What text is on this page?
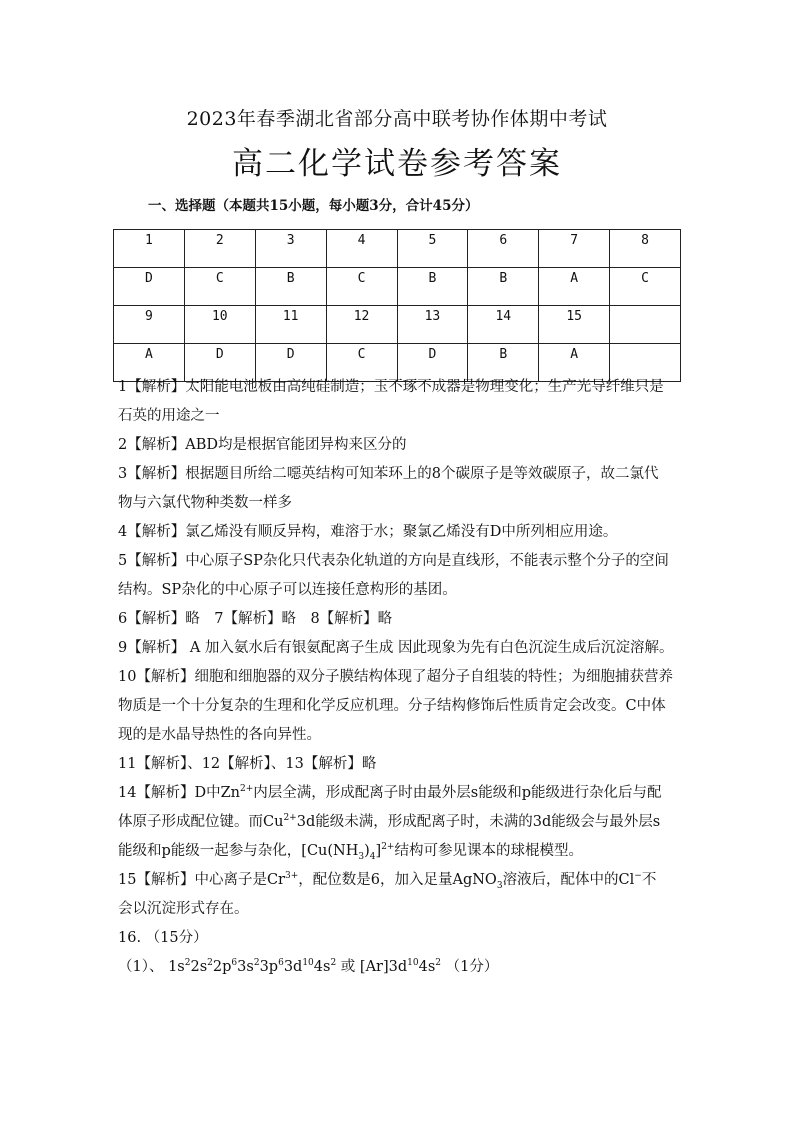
2023年春季湖北省部分高中联考协作体期中考试
高二化学试卷参考答案
一、选择题（本题共15小题，每小题3分，合计45分）
1	2	3	4	5	6	7	8
D	C	B	C	B	B	A	C
9	10	11	12	13	14	15	
A	D	D	C	D	B	A	
1【解析】太阳能电池板由高纯硅制造；玉不琢不成器是物理变化；生产光导纤维只是
石英的用途之一
2【解析】ABD均是根据官能团异构来区分的
3【解析】根据题目所给二噁英结构可知苯环上的8个碳原子是等效碳原子，故二氯代
物与六氯代物种类数一样多
4【解析】氯乙烯没有顺反异构，难溶于水；聚氯乙烯没有D中所列相应用途。
5【解析】中心原子SP杂化只代表杂化轨道的方向是直线形，不能表示整个分子的空间
结构。SP杂化的中心原子可以连接任意构形的基团。
6【解析】略　7【解析】略　8【解析】略
9【解析】 A 加入氨水后有银氨配离子生成 因此现象为先有白色沉淀生成后沉淀溶解。
10【解析】细胞和细胞器的双分子膜结构体现了超分子自组装的特性；为细胞捕获营养
物质是一个十分复杂的生理和化学反应机理。分子结构修饰后性质肯定会改变。C中体
现的是水晶导热性的各向异性。
11【解析】、12【解析】、13【解析】略
14【解析】D中$Zn^{2+}$内层全满，形成配离子时由最外层s能级和p能级进行杂化后与配
体原子形成配位键。而$Cu^{2+}3d$能级未满，形成配离子时，未满的3d能级会与最外层s
能级和p能级一起参与杂化，$[Cu(NH_3)_4]^{2+}$结构可参见课本的球棍模型。
15【解析】中心离子是$Cr^{3+}$，配位数是6，加入足量AgNO$_3$溶液后，配体中的Cl−不
会以沉淀形式存在。
16. （15分）
（1）、 $1s^22s^22p^63s^23p^63d^{10}4s^2$ 或 $[Ar]3d^{10}4s^2$ （1分）
